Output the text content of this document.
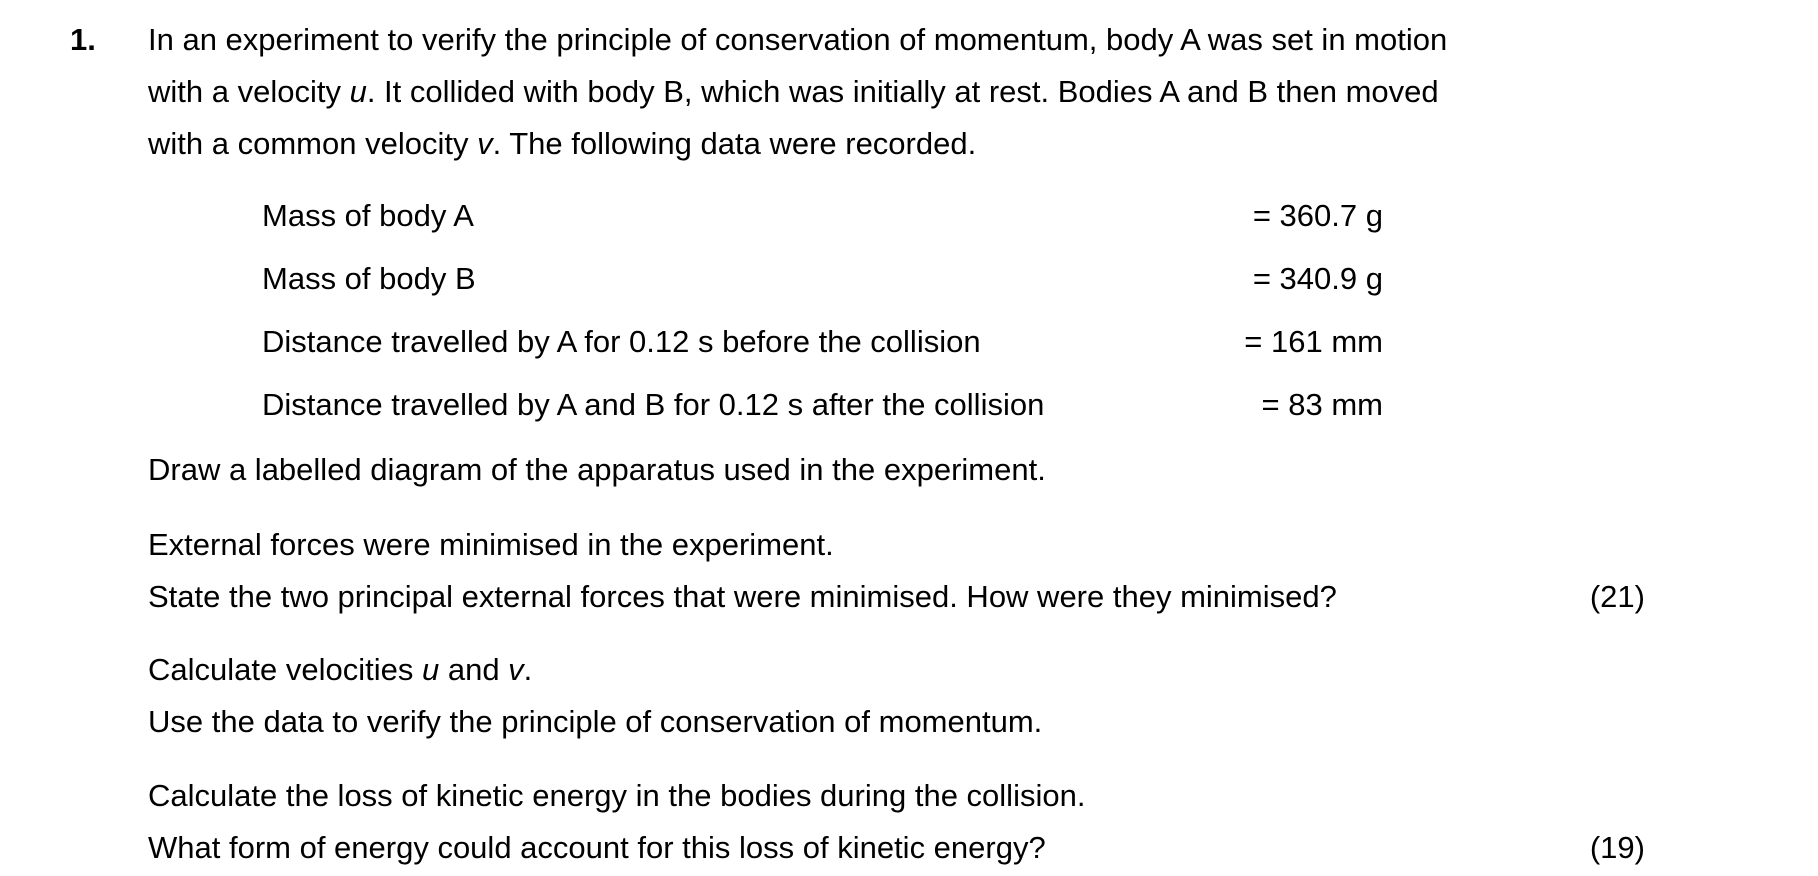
1.	In an experiment to verify the principle of conservation of momentum, body A was set in motion
with a velocity u. It collided with body B, which was initially at rest. Bodies A and B then moved
with a common velocity v. The following data were recorded.
Mass of body A	= 360.7 g
Mass of body B	= 340.9 g
Distance travelled by A for 0.12 s before the collision	= 161 mm
Distance travelled by A and B for 0.12 s after the collision	= 83 mm
Draw a labelled diagram of the apparatus used in the experiment.
External forces were minimised in the experiment.
State the two principal external forces that were minimised. How were they minimised?	(21)
Calculate velocities u and v.
Use the data to verify the principle of conservation of momentum.
Calculate the loss of kinetic energy in the bodies during the collision.
What form of energy could account for this loss of kinetic energy?	(19)
